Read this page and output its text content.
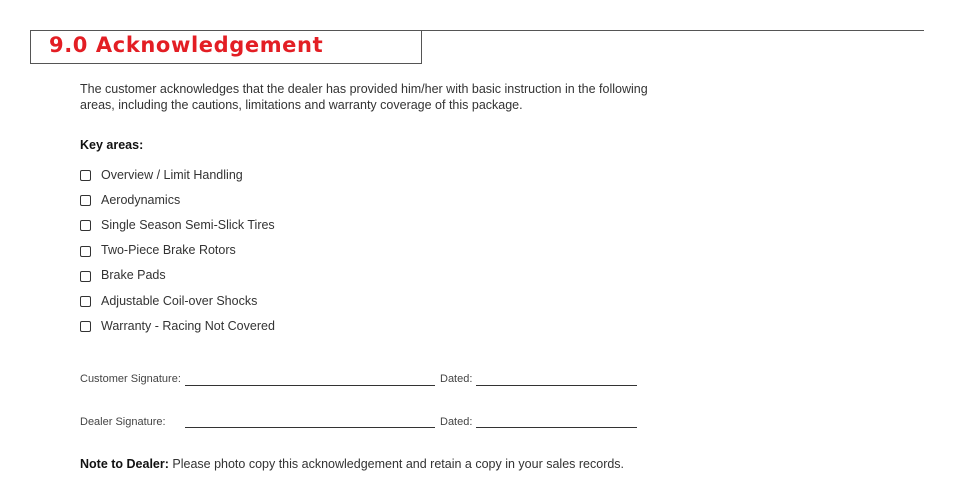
9.0 Acknowledgement

The customer acknowledges that the dealer has provided him/her with basic instruction in the following areas, including the cautions, limitations and warranty coverage of this package.

Key areas:
Overview / Limit Handling
Aerodynamics
Single Season Semi-Slick Tires
Two-Piece Brake Rotors
Brake Pads
Adjustable Coil-over Shocks
Warranty - Racing Not Covered
Customer Signature:	Dated:
Dealer Signature:	Dated:
Note to Dealer: Please photo copy this acknowledgement and retain a copy in your sales records.
